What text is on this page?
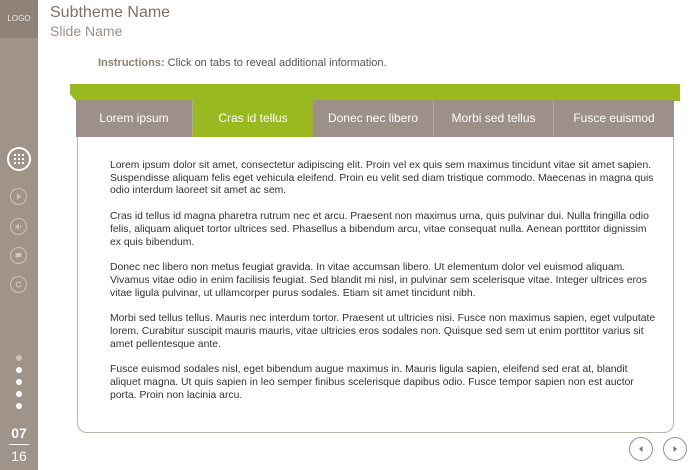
LOGO
07
16
Subtheme Name
Slide Name
Instructions: Click on tabs to reveal additional information.
Lorem ipsum	Cras id tellus	Donec nec libero	Morbi sed tellus	Fusce euismod

Lorem ipsum dolor sit amet, consectetur adipiscing elit. Proin vel ex quis sem maximus tincidunt vitae sit amet sapien. Suspendisse aliquam felis eget vehicula eleifend. Proin eu velit sed diam tristique commodo. Maecenas in magna quis odio interdum laoreet sit amet ac sem.

Cras id tellus id magna pharetra rutrum nec et arcu. Praesent non maximus urna, quis pulvinar dui. Nulla fringilla odio felis, aliquam aliquet tortor ultrices sed. Phasellus a bibendum arcu, vitae consequat nulla. Aenean porttitor dignissim ex quis bibendum.

Donec nec libero non metus feugiat gravida. In vitae accumsan libero. Ut elementum dolor vel euismod aliquam. Vivamus vitae odio in enim facilisis feugiat. Sed blandit mi nisl, in pulvinar sem scelerisque vitae. Integer ultrices eros vitae ligula pulvinar, ut ullamcorper purus sodales. Etiam sit amet tincidunt nibh.

Morbi sed tellus tellus. Mauris nec interdum tortor. Praesent ut ultricies nisi. Fusce non maximus sapien, eget vulputate lorem. Curabitur suscipit mauris mauris, vitae ultricies eros sodales non. Quisque sed sem ut enim porttitor varius sit amet pellentesque ante.

Fusce euismod sodales nisl, eget bibendum augue maximus in. Mauris ligula sapien, eleifend sed erat at, blandit aliquet magna. Ut quis sapien in leo semper finibus scelerisque dapibus odio. Fusce tempor sapien non est auctor porta. Proin non lacinia arcu.
